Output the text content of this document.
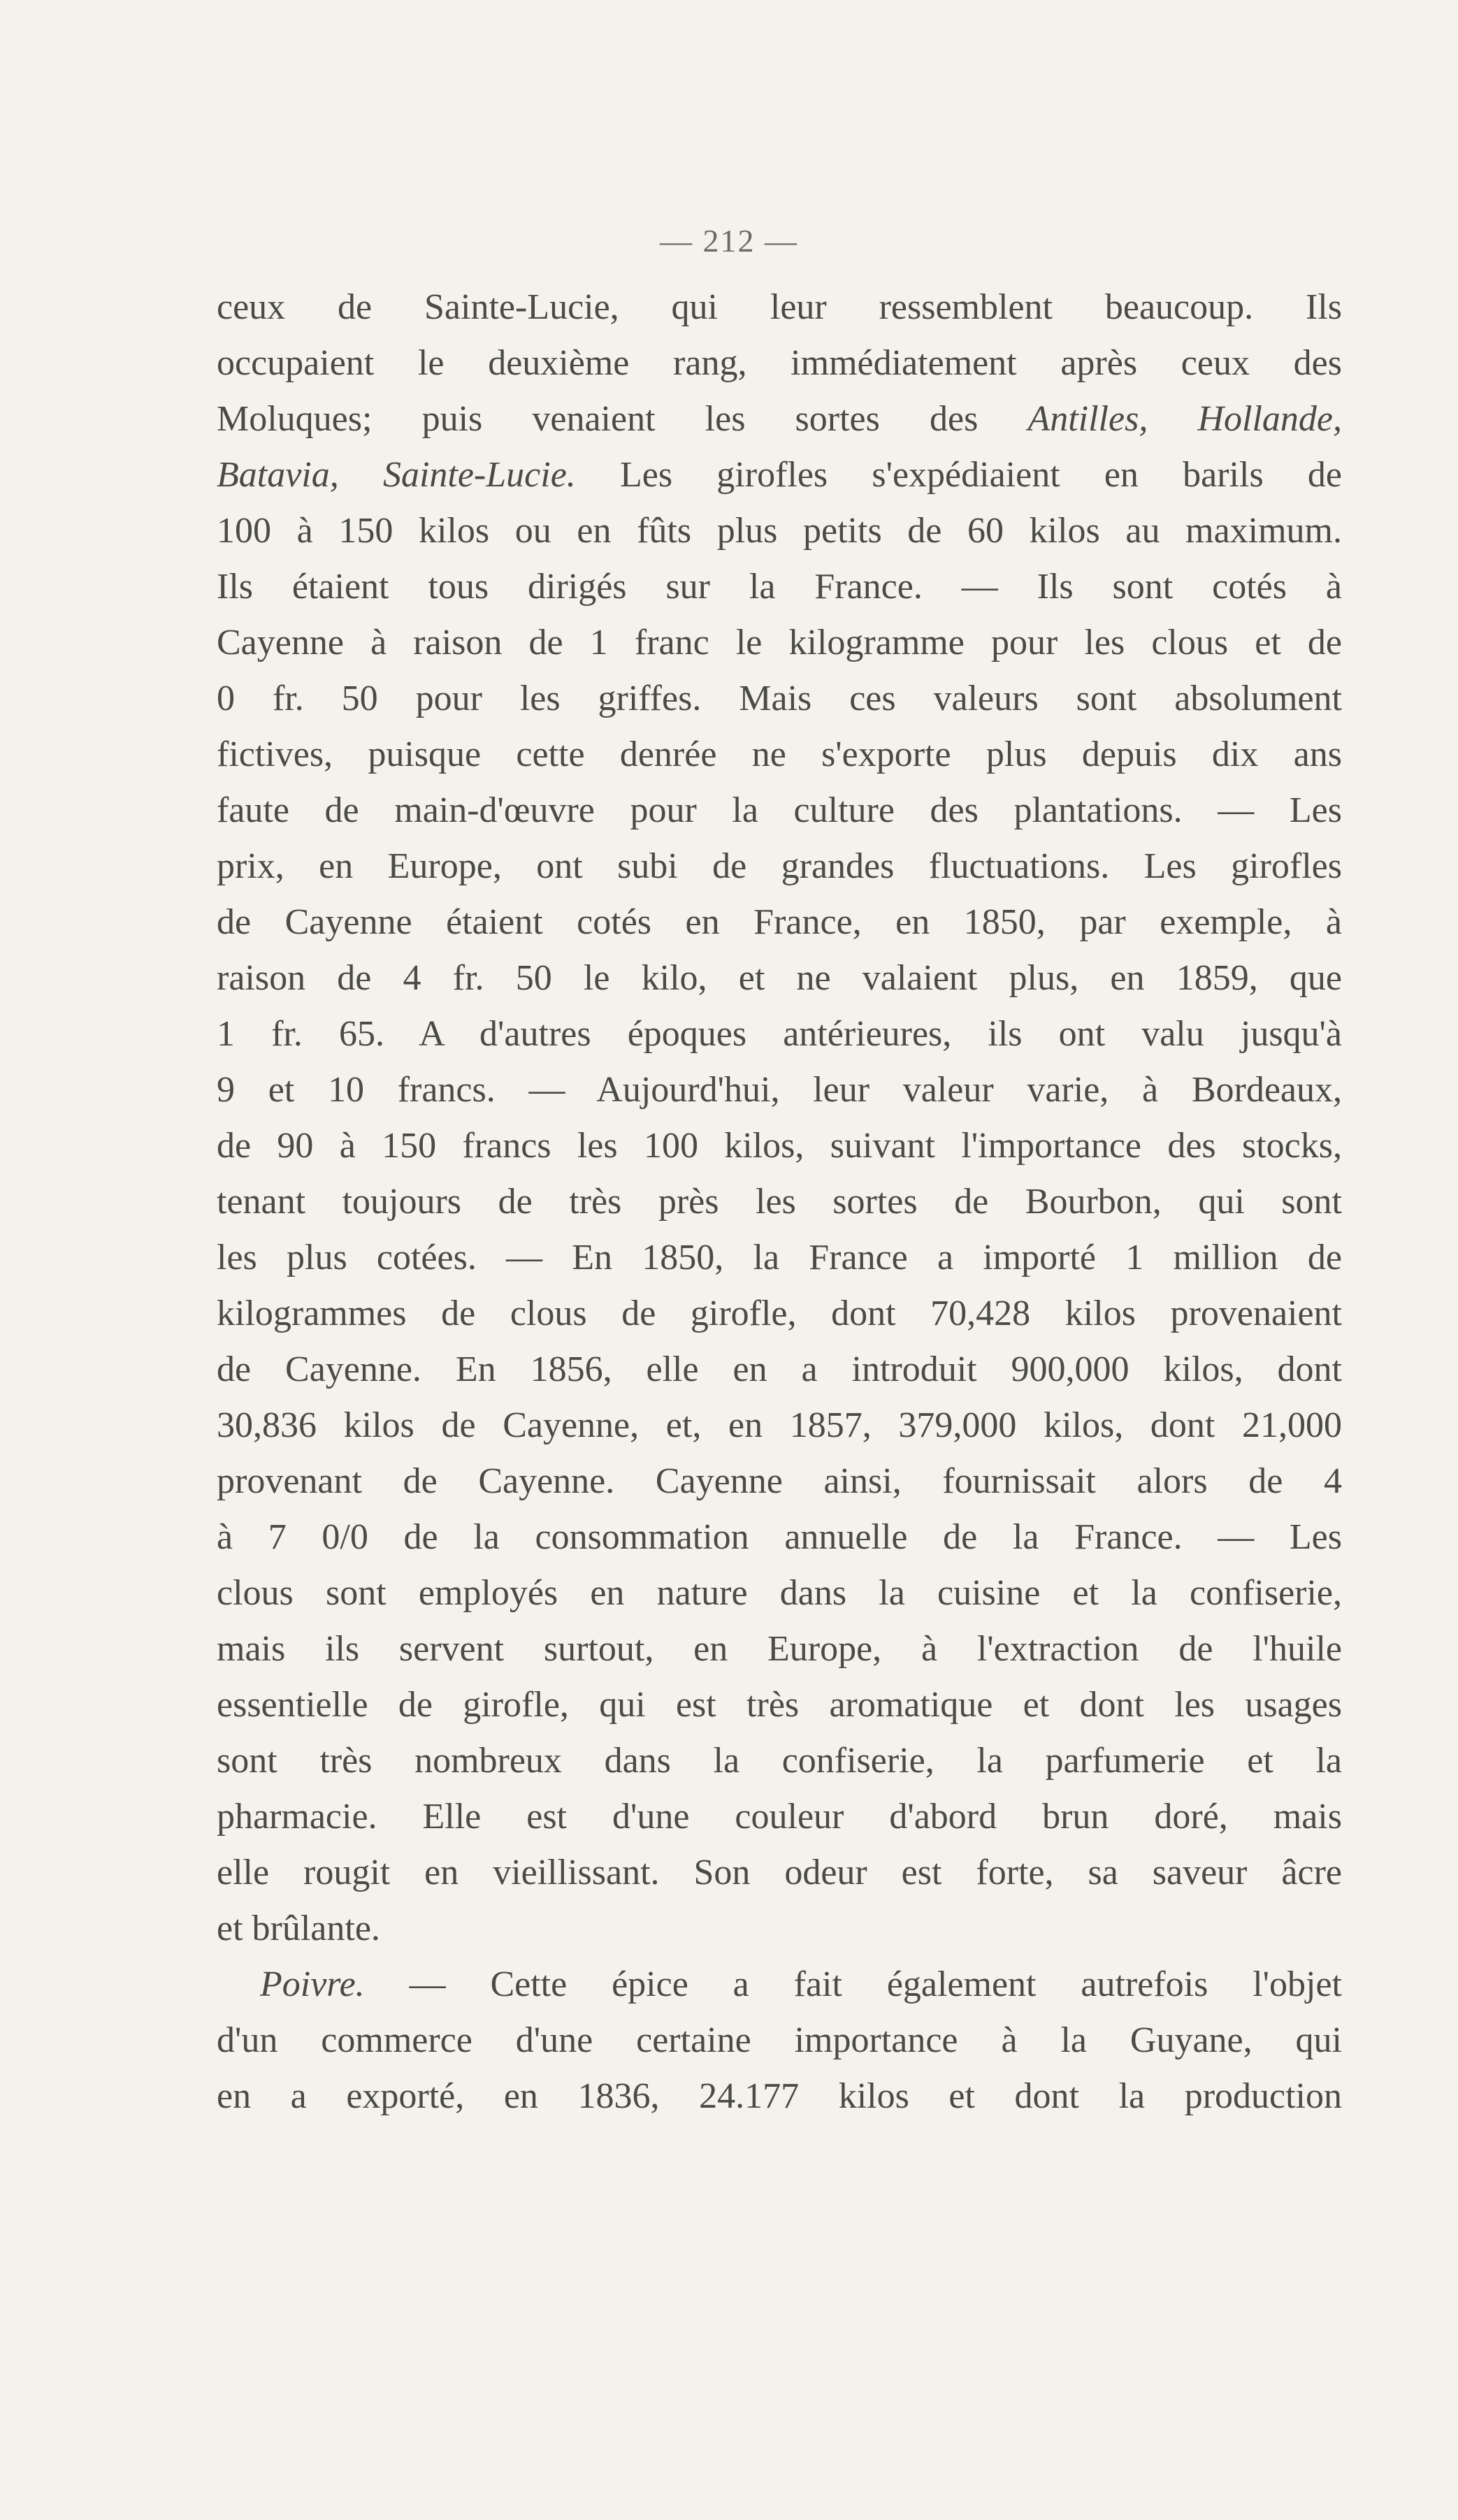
— 212 —
ceux de Sainte-Lucie, qui leur ressemblent beaucoup. Ils
occupaient le deuxième rang, immédiatement après ceux des
Moluques; puis venaient les sortes des Antilles, Hollande,
Batavia, Sainte-Lucie. Les girofles s'expédiaient en barils de
100 à 150 kilos ou en fûts plus petits de 60 kilos au maximum.
Ils étaient tous dirigés sur la France. — Ils sont cotés à
Cayenne à raison de 1 franc le kilogramme pour les clous et de
0 fr. 50 pour les griffes. Mais ces valeurs sont absolument
fictives, puisque cette denrée ne s'exporte plus depuis dix ans
faute de main-d'œuvre pour la culture des plantations. — Les
prix, en Europe, ont subi de grandes fluctuations. Les girofles
de Cayenne étaient cotés en France, en 1850, par exemple, à
raison de 4 fr. 50 le kilo, et ne valaient plus, en 1859, que
1 fr. 65. A d'autres époques antérieures, ils ont valu jusqu'à
9 et 10 francs. — Aujourd'hui, leur valeur varie, à Bordeaux,
de 90 à 150 francs les 100 kilos, suivant l'importance des stocks,
tenant toujours de très près les sortes de Bourbon, qui sont
les plus cotées. — En 1850, la France a importé 1 million de
kilogrammes de clous de girofle, dont 70,428 kilos provenaient
de Cayenne. En 1856, elle en a introduit 900,000 kilos, dont
30,836 kilos de Cayenne, et, en 1857, 379,000 kilos, dont 21,000
provenant de Cayenne. Cayenne ainsi, fournissait alors de 4
à 7 0/0 de la consommation annuelle de la France. — Les
clous sont employés en nature dans la cuisine et la confiserie,
mais ils servent surtout, en Europe, à l'extraction de l'huile
essentielle de girofle, qui est très aromatique et dont les usages
sont très nombreux dans la confiserie, la parfumerie et la
pharmacie. Elle est d'une couleur d'abord brun doré, mais
elle rougit en vieillissant. Son odeur est forte, sa saveur âcre
et brûlante.
Poivre. — Cette épice a fait également autrefois l'objet
d'un commerce d'une certaine importance à la Guyane, qui
en a exporté, en 1836, 24.177 kilos et dont la production
